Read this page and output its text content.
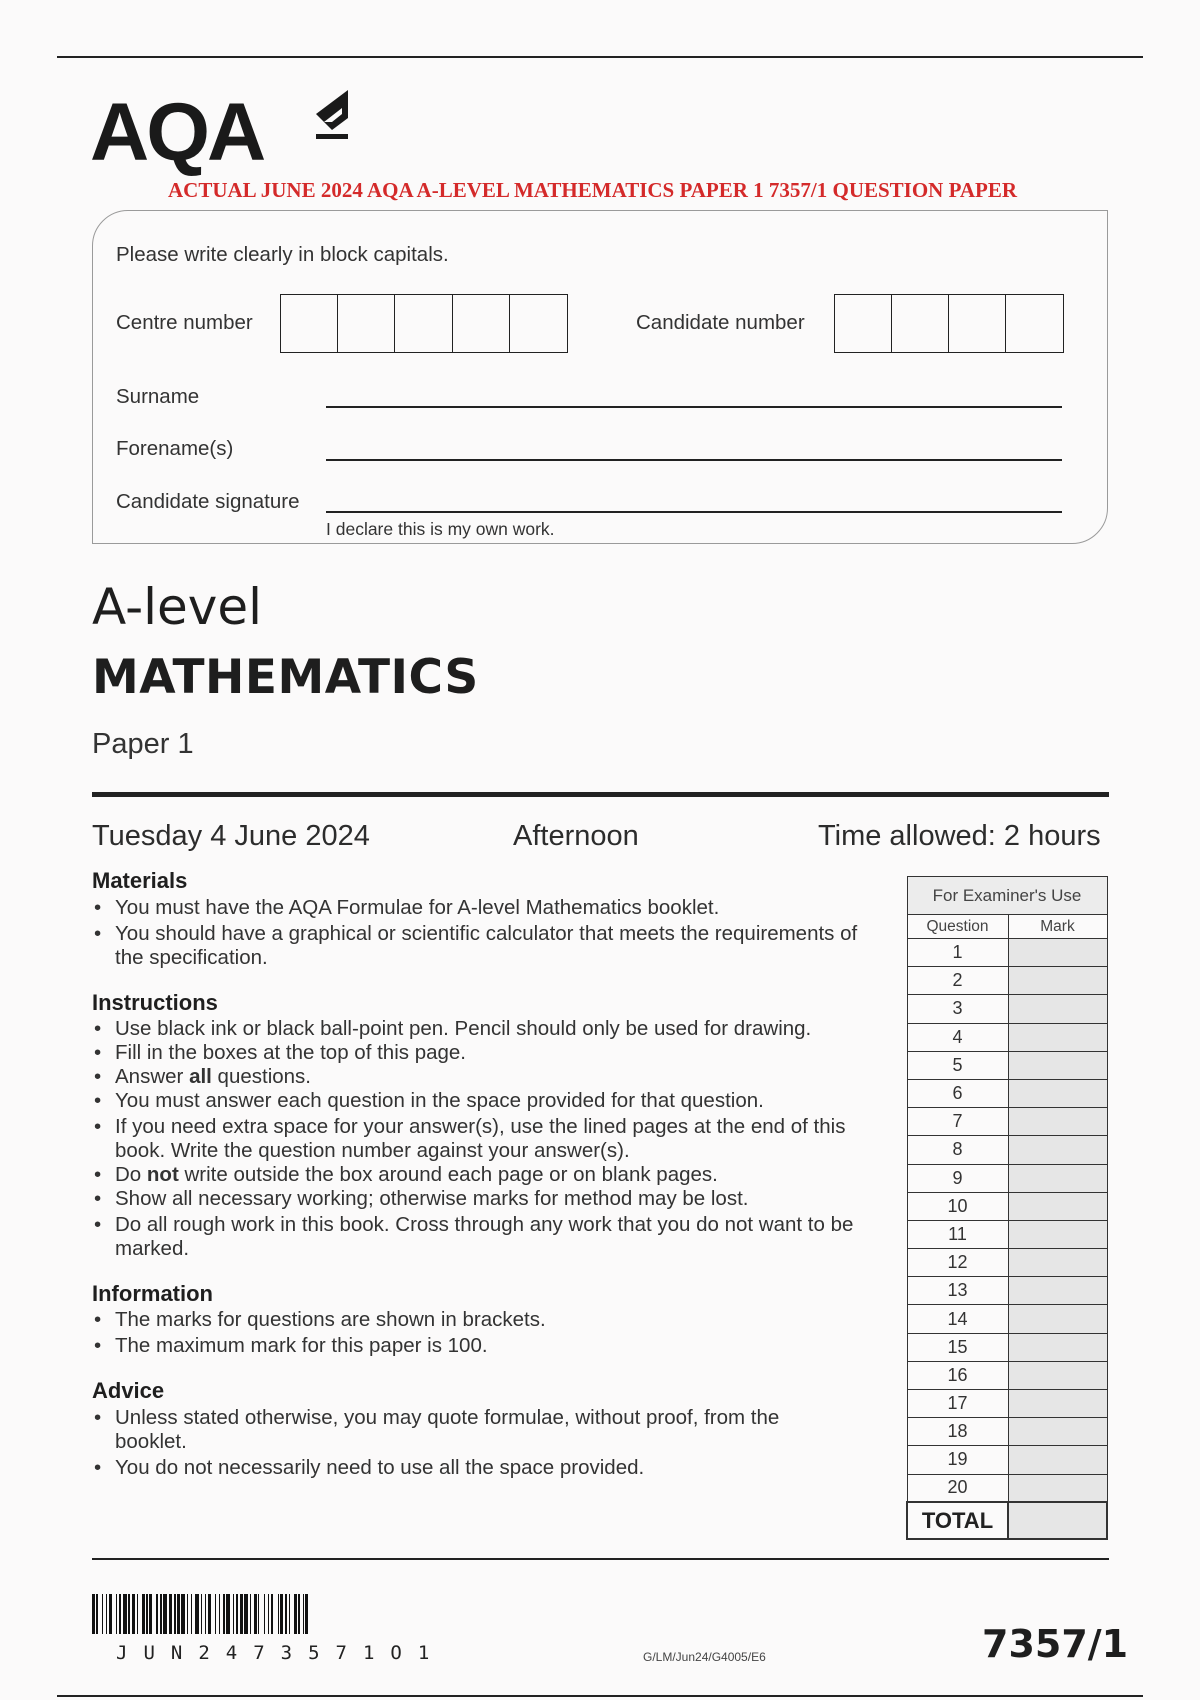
AQA
ACTUAL JUNE 2024 AQA A-LEVEL MATHEMATICS PAPER 1 7357/1 QUESTION PAPER
Please write clearly in block capitals.
Centre number	Candidate number
Surname
Forename(s)
Candidate signature
I declare this is my own work.
A-level
MATHEMATICS
Paper 1
Tuesday 4 June 2024	Afternoon	Time allowed: 2 hours
Materials
• You must have the AQA Formulae for A-level Mathematics booklet.
• You should have a graphical or scientific calculator that meets the requirements of the specification.
Instructions
• Use black ink or black ball-point pen. Pencil should only be used for drawing.
• Fill in the boxes at the top of this page.
• Answer all questions.
• You must answer each question in the space provided for that question.
• If you need extra space for your answer(s), use the lined pages at the end of this book. Write the question number against your answer(s).
• Do not write outside the box around each page or on blank pages.
• Show all necessary working; otherwise marks for method may be lost.
• Do all rough work in this book. Cross through any work that you do not want to be marked.
Information
• The marks for questions are shown in brackets.
• The maximum mark for this paper is 100.
Advice
• Unless stated otherwise, you may quote formulae, without proof, from the booklet.
• You do not necessarily need to use all the space provided.
For Examiner's Use	
Question	Mark
1	
2	
3	
4	
5	
6	
7	
8	
9	
10	
11	
12	
13	
14	
15	
16	
17	
18	
19	
20	
TOTAL	
JUN2473571O1	G/LM/Jun24/G4005/E6	7357/1
